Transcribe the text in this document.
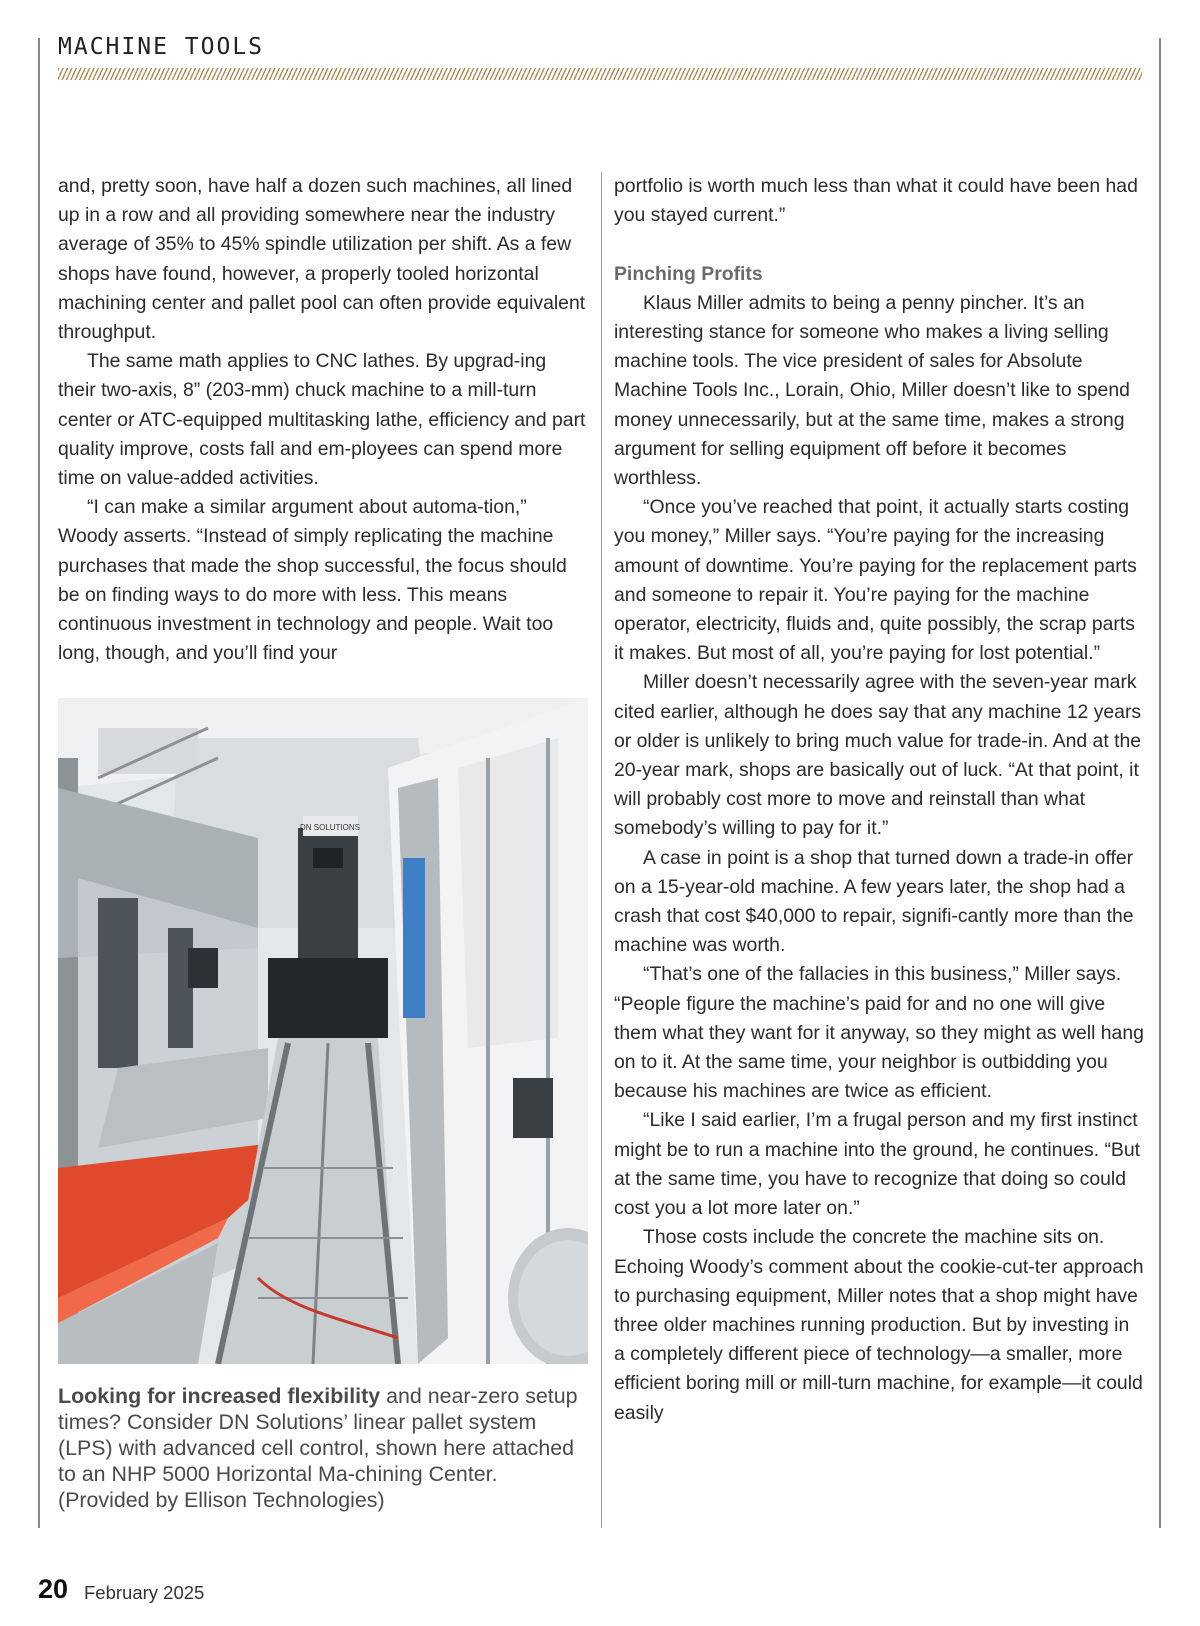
MACHINE TOOLS

and, pretty soon, have half a dozen such machines, all lined up in a row and all providing somewhere near the industry average of 35% to 45% spindle utilization per shift. As a few shops have found, however, a properly tooled horizontal machining center and pallet pool can often provide equivalent throughput.

The same math applies to CNC lathes. By upgrad-ing their two-axis, 8” (203-mm) chuck machine to a mill-turn center or ATC-equipped multitasking lathe, efficiency and part quality improve, costs fall and em-ployees can spend more time on value-added activities.

“I can make a similar argument about automa-tion,” Woody asserts. “Instead of simply replicating the machine purchases that made the shop successful, the focus should be on finding ways to do more with less. This means continuous investment in technology and people. Wait too long, though, and you’ll find your

DN SOLUTIONS
Looking for increased flexibility and near-zero setup times? Consider DN Solutions’ linear pallet system (LPS) with advanced cell control, shown here attached to an NHP 5000 Horizontal Ma-chining Center. (Provided by Ellison Technologies)

portfolio is worth much less than what it could have been had you stayed current.”

Pinching Profits

Klaus Miller admits to being a penny pincher. It’s an interesting stance for someone who makes a living selling machine tools. The vice president of sales for Absolute Machine Tools Inc., Lorain, Ohio, Miller doesn’t like to spend money unnecessarily, but at the same time, makes a strong argument for selling equipment off before it becomes worthless.

“Once you’ve reached that point, it actually starts costing you money,” Miller says. “You’re paying for the increasing amount of downtime. You’re paying for the replacement parts and someone to repair it. You’re paying for the machine operator, electricity, fluids and, quite possibly, the scrap parts it makes. But most of all, you’re paying for lost potential.”

Miller doesn’t necessarily agree with the seven-year mark cited earlier, although he does say that any machine 12 years or older is unlikely to bring much value for trade-in. And at the 20-year mark, shops are basically out of luck. “At that point, it will probably cost more to move and reinstall than what somebody’s willing to pay for it.”

A case in point is a shop that turned down a trade-in offer on a 15-year-old machine. A few years later, the shop had a crash that cost $40,000 to repair, signifi-cantly more than the machine was worth.

“That’s one of the fallacies in this business,” Miller says. “People figure the machine’s paid for and no one will give them what they want for it anyway, so they might as well hang on to it. At the same time, your neighbor is outbidding you because his machines are twice as efficient.

“Like I said earlier, I’m a frugal person and my first instinct might be to run a machine into the ground, he continues. “But at the same time, you have to recognize that doing so could cost you a lot more later on.”

Those costs include the concrete the machine sits on. Echoing Woody’s comment about the cookie-cut-ter approach to purchasing equipment, Miller notes that a shop might have three older machines running production. But by investing in a completely different piece of technology—a smaller, more efficient boring mill or mill-turn machine, for example—it could easily

20 February 2025
